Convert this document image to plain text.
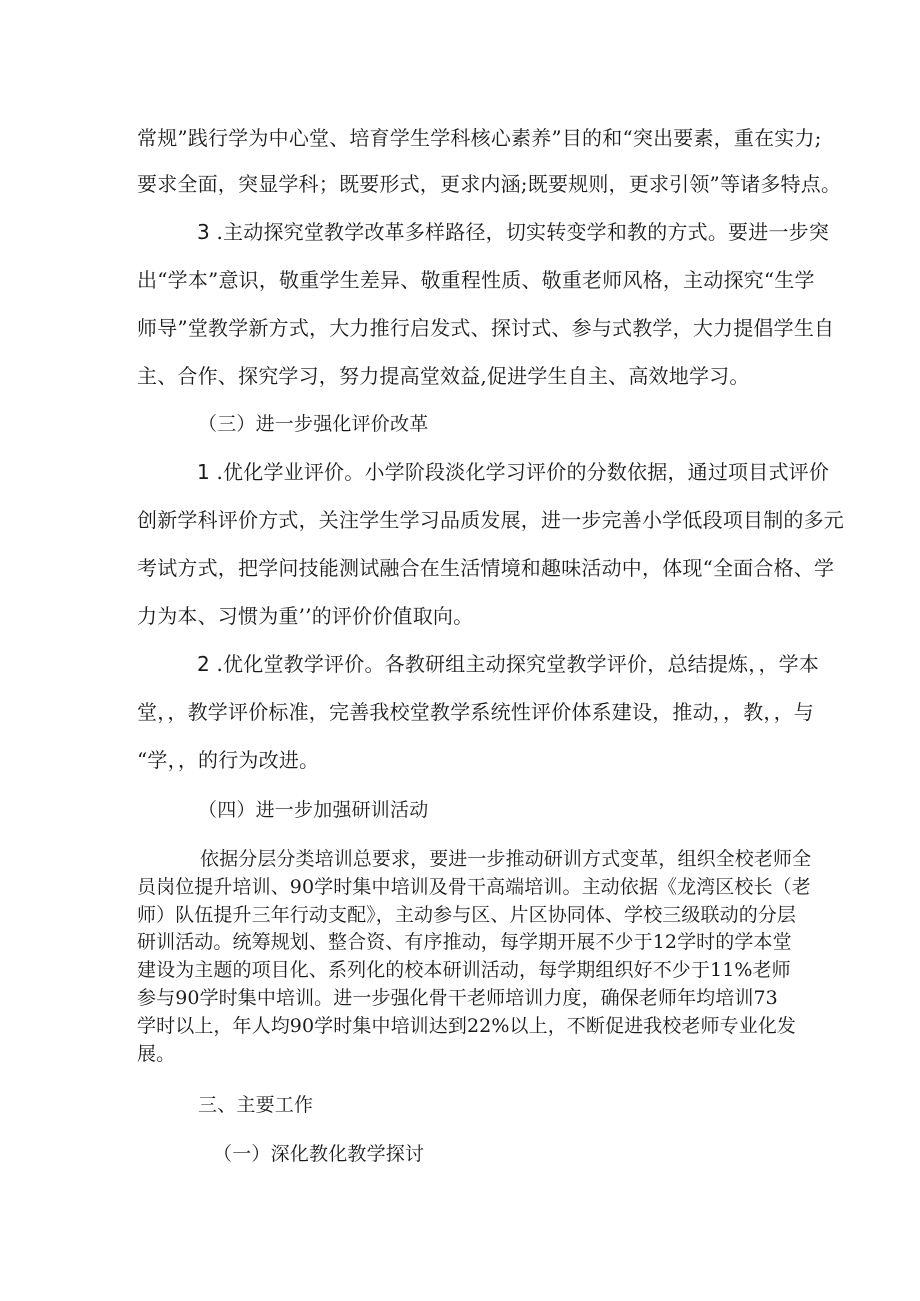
常规”践行学为中心堂、培育学生学科核心素养”目的和“突出要素，重在实力;
要求全面，突显学科；既要形式，更求内涵;既要规则，更求引领”等诸多特点。
3 .主动探究堂教学改革多样路径，切实转变学和教的方式。要进一步突
出“学本”意识，敬重学生差异、敬重程性质、敬重老师风格，主动探究“生学
师导”堂教学新方式，大力推行启发式、探讨式、参与式教学，大力提倡学生自
主、合作、探究学习，努力提高堂效益,促进学生自主、高效地学习。
（三）进一步强化评价改革
1 .优化学业评价。小学阶段淡化学习评价的分数依据，通过项目式评价
创新学科评价方式，关注学生学习品质发展，进一步完善小学低段项目制的多元
考试方式，把学问技能测试融合在生活情境和趣味活动中，体现“全面合格、学
力为本、习惯为重’’的评价价值取向。
2 .优化堂教学评价。各教研组主动探究堂教学评价，总结提炼，，学本
堂，，教学评价标准，完善我校堂教学系统性评价体系建设，推动，，教，，与
“学，，的行为改进。
（四）进一步加强研训活动
依据分层分类培训总要求，要进一步推动研训方式变革，组织全校老师全
员岗位提升培训、90学时集中培训及骨干高端培训。主动依据《龙湾区校长（老
师）队伍提升三年行动支配》，主动参与区、片区协同体、学校三级联动的分层
研训活动。统筹规划、整合资、有序推动，每学期开展不少于12学时的学本堂
建设为主题的项目化、系列化的校本研训活动，每学期组织好不少于11%老师
参与90学时集中培训。进一步强化骨干老师培训力度，确保老师年均培训73
学时以上，年人均90学时集中培训达到22%以上，不断促进我校老师专业化发
展。
三、主要工作
（一）深化教化教学探讨
